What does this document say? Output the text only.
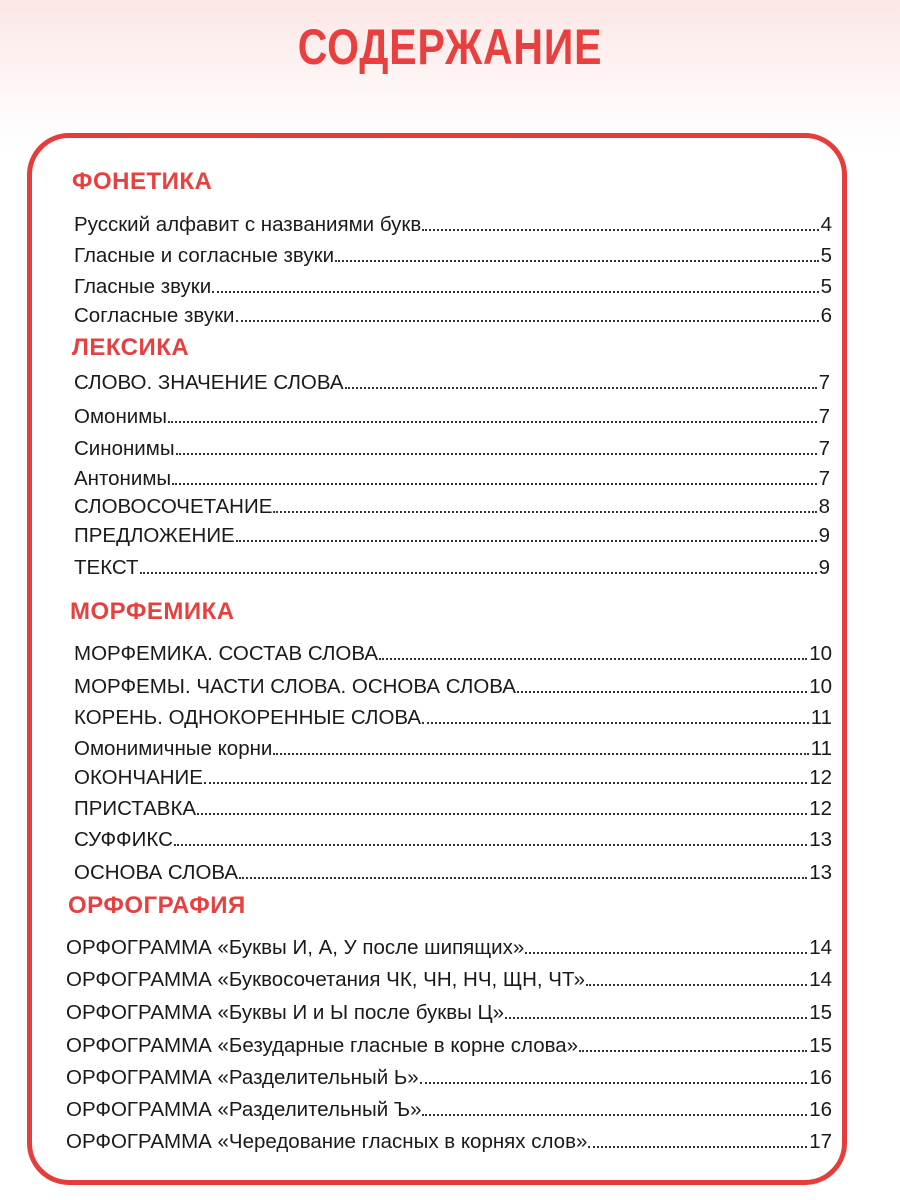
СОДЕРЖАНИЕ
ФОНЕТИКА
Русский алфавит с названиями букв	4
Гласные и согласные звуки	5
Гласные звуки	5
Согласные звуки	6
ЛЕКСИКА
СЛОВО. ЗНАЧЕНИЕ СЛОВА	7
Омонимы	7
Синонимы	7
Антонимы	7
СЛОВОСОЧЕТАНИЕ	8
ПРЕДЛОЖЕНИЕ	9
ТЕКСТ	9
МОРФЕМИКА
МОРФЕМИКА. СОСТАВ СЛОВА	10
МОРФЕМЫ. ЧАСТИ СЛОВА. ОСНОВА СЛОВА	10
КОРЕНЬ. ОДНОКОРЕННЫЕ СЛОВА	11
Омонимичные корни	11
ОКОНЧАНИЕ	12
ПРИСТАВКА	12
СУФФИКС	13
ОСНОВА СЛОВА	13
ОРФОГРАФИЯ
ОРФОГРАММА «Буквы И, А, У после шипящих»	14
ОРФОГРАММА «Буквосочетания ЧК, ЧН, НЧ, ЩН, ЧТ»	14
ОРФОГРАММА «Буквы И и Ы после буквы Ц»	15
ОРФОГРАММА «Безударные гласные в корне слова»	15
ОРФОГРАММА «Разделительный Ь»	16
ОРФОГРАММА «Разделительный Ъ»	16
ОРФОГРАММА «Чередование гласных в корнях слов»	17
